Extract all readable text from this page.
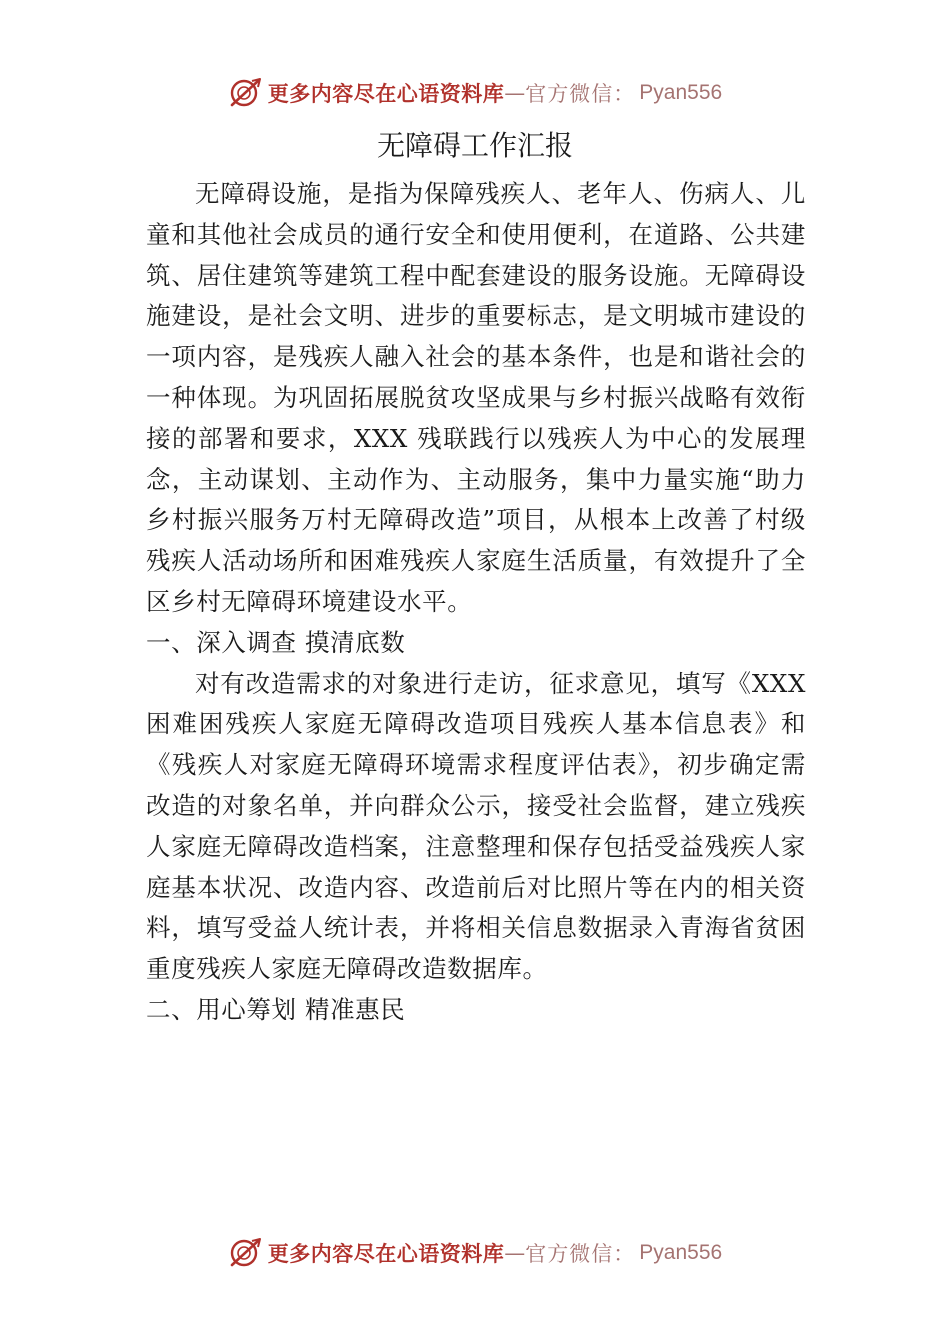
更多内容尽在心语资料库 — 官方微信： Pyan556
无障碍工作汇报

无障碍设施，是指为保障残疾人、老年人、伤病人、儿童和其他社会成员的通行安全和使用便利，在道路、公共建筑、居住建筑等建筑工程中配套建设的服务设施。无障碍设施建设，是社会文明、进步的重要标志，是文明城市建设的一项内容，是残疾人融入社会的基本条件，也是和谐社会的一种体现。为巩固拓展脱贫攻坚成果与乡村振兴战略有效衔接的部署和要求，XXX 残联践行以残疾人为中心的发展理念，主动谋划、主动作为、主动服务，集中力量实施“助力乡村振兴服务万村无障碍改造”项目，从根本上改善了村级残疾人活动场所和困难残疾人家庭生活质量，有效提升了全区乡村无障碍环境建设水平。

一、深入调查 摸清底数

对有改造需求的对象进行走访，征求意见，填写《XXX困难困残疾人家庭无障碍改造项目残疾人基本信息表》和《残疾人对家庭无障碍环境需求程度评估表》，初步确定需改造的对象名单，并向群众公示，接受社会监督，建立残疾人家庭无障碍改造档案，注意整理和保存包括受益残疾人家庭基本状况、改造内容、改造前后对比照片等在内的相关资料，填写受益人统计表，并将相关信息数据录入青海省贫困重度残疾人家庭无障碍改造数据库。

二、用心筹划 精准惠民
更多内容尽在心语资料库 — 官方微信： Pyan556
